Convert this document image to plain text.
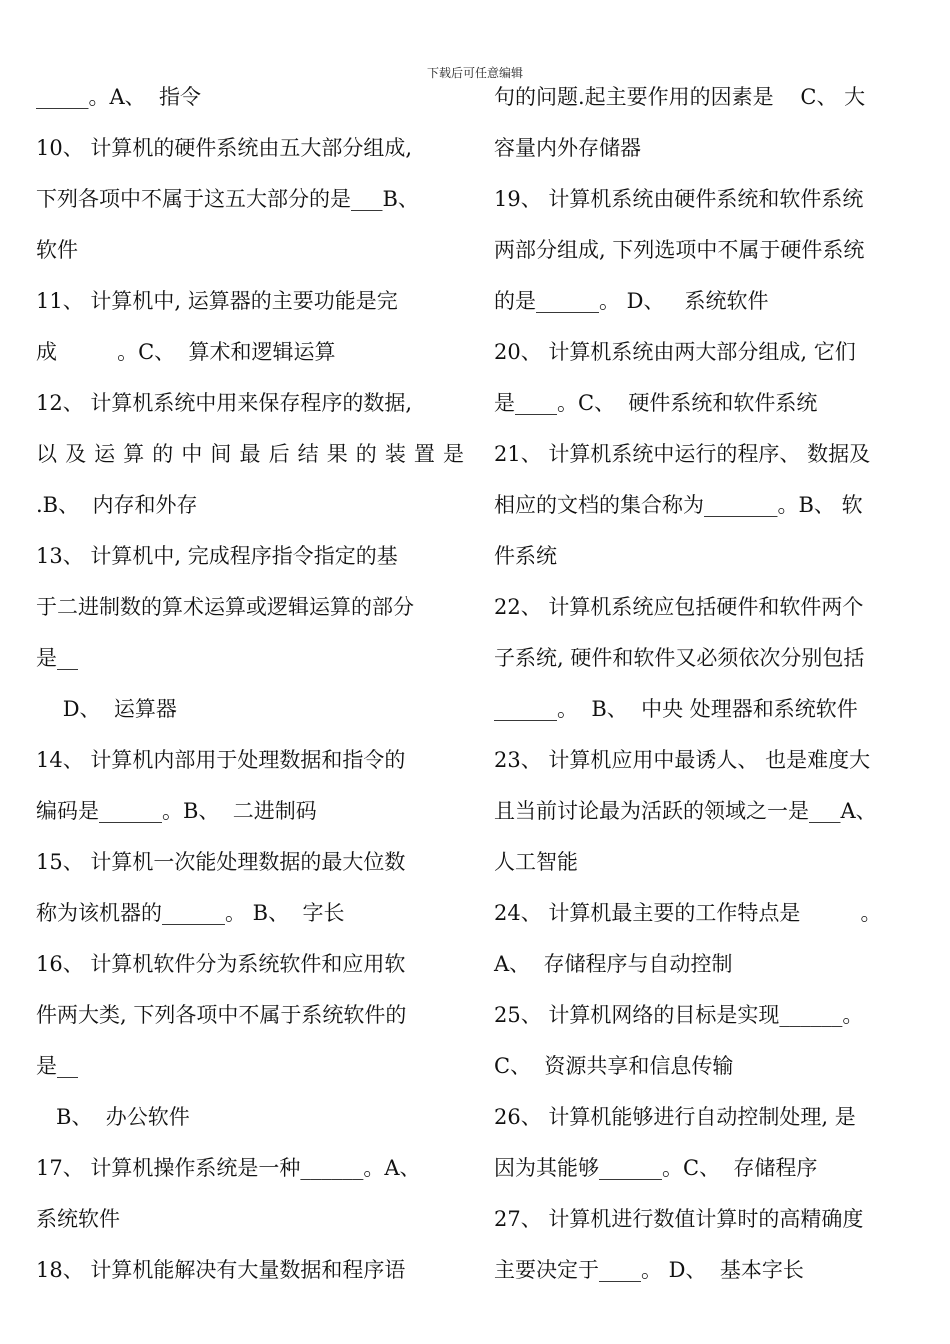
下载后可任意编辑
_____。A、  指令
10、 计算机的硬件系统由五大部分组成,
下列各项中不属于这五大部分的是___B、
软件
11、 计算机中, 运算器的主要功能是完
成         。C、  算术和逻辑运算
12、 计算机系统中用来保存程序的数据,
以及运算的中间最后结果的装置是
.B、  内存和外存
13、 计算机中, 完成程序指令指定的基
于二进制数的算术运算或逻辑运算的部分
是__
D、  运算器
14、 计算机内部用于处理数据和指令的
编码是______。B、  二进制码
15、 计算机一次能处理数据的最大位数
称为该机器的______。 B、  字长
16、 计算机软件分为系统软件和应用软
件两大类, 下列各项中不属于系统软件的
是__
B、  办公软件
17、 计算机操作系统是一种______。A、
系统软件
18、 计算机能解决有大量数据和程序语
句的问题.起主要作用的因素是    C、 大
容量内外存储器
19、 计算机系统由硬件系统和软件系统
两部分组成, 下列选项中不属于硬件系统
的是______。 D、   系统软件
20、 计算机系统由两大部分组成, 它们
是____。C、  硬件系统和软件系统
21、 计算机系统中运行的程序、 数据及
相应的文档的集合称为_______。B、 软
件系统
22、 计算机系统应包括硬件和软件两个
子系统, 硬件和软件又必须依次分别包括
______。  B、  中央 处理器和系统软件
23、 计算机应用中最诱人、 也是难度大
且当前讨论最为活跃的领域之一是___A、
人工智能
24、 计算机最主要的工作特点是         。
A、  存储程序与自动控制
25、 计算机网络的目标是实现______。
C、  资源共享和信息传输
26、 计算机能够进行自动控制处理, 是
因为其能够______。C、  存储程序
27、 计算机进行数值计算时的高精确度
主要决定于____。 D、  基本字长
